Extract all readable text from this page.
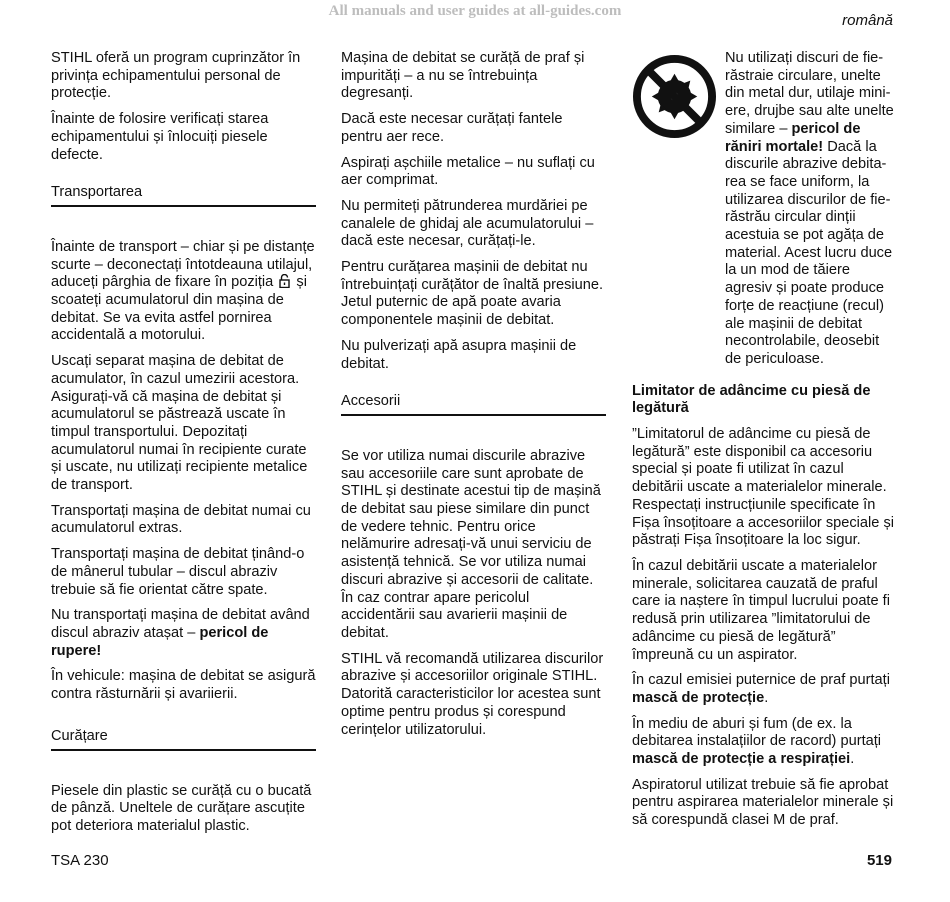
All manuals and user guides at all-guides.com
română

STIHL oferă un program cuprinzător în privința echipamentului personal de protecție.

Înainte de folosire verificați starea echipamentului și înlocuiți piesele defecte.

Transportarea

Înainte de transport – chiar și pe distanțe scurte – deconectați întotdeauna utilajul, aduceți pârghia de fixare în poziția și scoateți acumulatorul din mașina de debitat. Se va evita astfel pornirea accidentală a motorului.

Uscați separat mașina de debitat de acumulator, în cazul umezirii acestora. Asigurați-vă că mașina de debitat și acumulatorul se păstrează uscate în timpul transportului. Depozitați acumulatorul numai în recipiente curate și uscate, nu utilizați recipiente metalice de transport.

Transportați mașina de debitat numai cu acumulatorul extras.

Transportați mașina de debitat ținând-o de mânerul tubular – discul abraziv trebuie să fie orientat către spate.

Nu transportați mașina de debitat având discul abraziv atașat – pericol de rupere!

În vehicule: mașina de debitat se asigură contra răsturnării și avariierii.

Curățare

Piesele din plastic se curăță cu o bucată de pânză. Uneltele de curățare ascuțite pot deteriora materialul plastic.

Mașina de debitat se curăță de praf și impurități – a nu se întrebuința degresanți.

Dacă este necesar curățați fantele pentru aer rece.

Aspirați așchiile metalice – nu suflați cu aer comprimat.

Nu permiteți pătrunderea murdăriei pe canalele de ghidaj ale acumulatorului – dacă este necesar, curățați-le.

Pentru curățarea mașinii de debitat nu întrebuințați curățător de înaltă presiune. Jetul puternic de apă poate avaria componentele mașinii de debitat.

Nu pulverizați apă asupra mașinii de debitat.

Accesorii

Se vor utiliza numai discurile abrazive sau accesoriile care sunt aprobate de STIHL și destinate acestui tip de mașină de debitat sau piese similare din punct de vedere tehnic. Pentru orice nelămurire adresați-vă unui serviciu de asistență tehnică. Se vor utiliza numai discuri abrazive și accesorii de calitate. În caz contrar apare pericolul accidentării sau avarierii mașinii de debitat.

STIHL vă recomandă utilizarea discurilor abrazive și accesoriilor originale STIHL. Datorită caracteristicilor lor acestea sunt optime pentru produs și corespund cerințelor utilizatorului.

Nu utilizați discuri de fie-răstraie circulare, unelte din metal dur, utilaje mini-ere, drujbe sau alte unelte similare – pericol de răniri mortale! Dacă la discurile abrazive debita-rea se face uniform, la utilizarea discurilor de fie-răstrău circular dinții acestuia se pot agăța de material. Acest lucru duce la un mod de tăiere agresiv și poate produce forțe de reacțiune (recul) ale mașinii de debitat necontrolabile, deosebit de periculoase.
Limitator de adâncime cu piesă de legătură

”Limitatorul de adâncime cu piesă de legătură” este disponibil ca accesoriu special și poate fi utilizat în cazul debitării uscate a materialelor minerale. Respectați instrucțiunile specificate în Fișa însoțitoare a accesoriilor speciale și păstrați Fișa însoțitoare la loc sigur.

În cazul debitării uscate a materialelor minerale, solicitarea cauzată de praful care ia naștere în timpul lucrului poate fi redusă prin utilizarea ”limitatorului de adâncime cu piesă de legătură” împreună cu un aspirator.

În cazul emisiei puternice de praf purtați mască de protecție.

În mediu de aburi și fum (de ex. la debitarea instalațiilor de racord) purtați mască de protecție a respirației.

Aspiratorul utilizat trebuie să fie aprobat pentru aspirarea materialelor minerale și să corespundă clasei M de praf.

TSA 230	519
